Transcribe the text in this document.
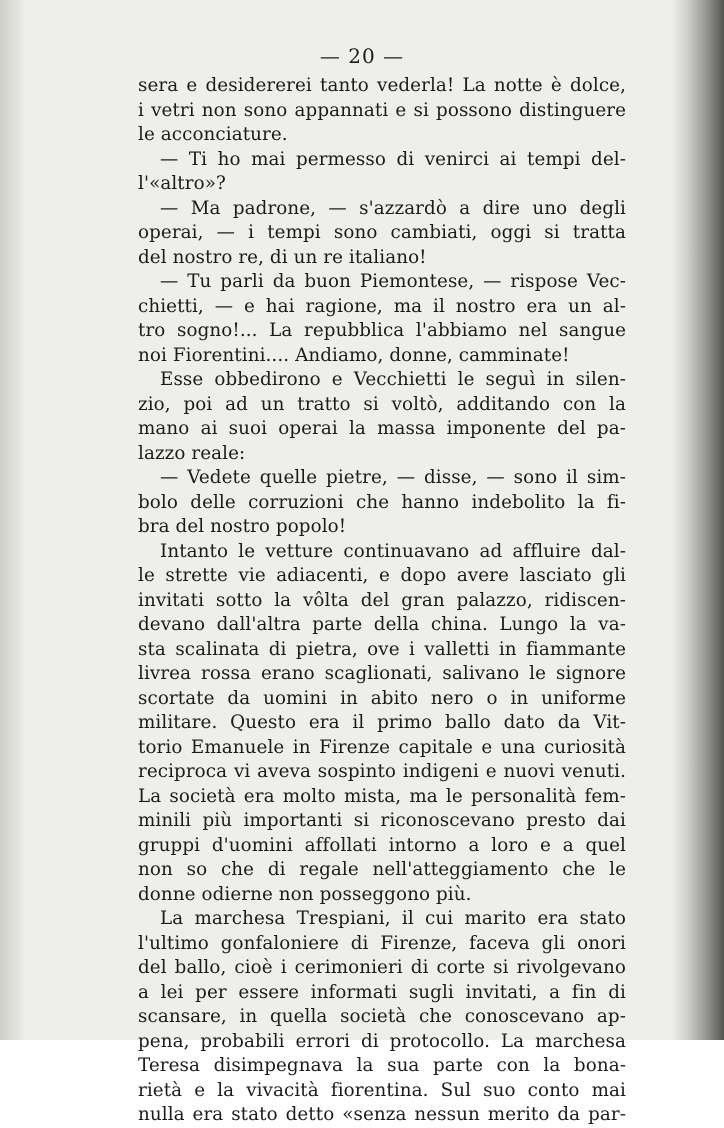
— 20 —
sera e desidererei tanto vederla! La notte è dolce,
i vetri non sono appannati e si possono distinguere
le acconciature.
— Ti ho mai permesso di venirci ai tempi del-
l'«altro»?
— Ma padrone, — s'azzardò a dire uno degli
operai, — i tempi sono cambiati, oggi si tratta
del nostro re, di un re italiano!
— Tu parli da buon Piemontese, — rispose Vec-
chietti, — e hai ragione, ma il nostro era un al-
tro sogno!... La repubblica l'abbiamo nel sangue
noi Fiorentini.... Andiamo, donne, camminate!
Esse obbedirono e Vecchietti le seguì in silen-
zio, poi ad un tratto si voltò, additando con la
mano ai suoi operai la massa imponente del pa-
lazzo reale:
— Vedete quelle pietre, — disse, — sono il sim-
bolo delle corruzioni che hanno indebolito la fi-
bra del nostro popolo!
Intanto le vetture continuavano ad affluire dal-
le strette vie adiacenti, e dopo avere lasciato gli
invitati sotto la vôlta del gran palazzo, ridiscen-
devano dall'altra parte della china. Lungo la va-
sta scalinata di pietra, ove i valletti in fiammante
livrea rossa erano scaglionati, salivano le signore
scortate da uomini in abito nero o in uniforme
militare. Questo era il primo ballo dato da Vit-
torio Emanuele in Firenze capitale e una curiosità
reciproca vi aveva sospinto indigeni e nuovi venuti.
La società era molto mista, ma le personalità fem-
minili più importanti si riconoscevano presto dai
gruppi d'uomini affollati intorno a loro e a quel
non so che di regale nell'atteggiamento che le
donne odierne non posseggono più.
La marchesa Trespiani, il cui marito era stato
l'ultimo gonfaloniere di Firenze, faceva gli onori
del ballo, cioè i cerimonieri di corte si rivolgevano
a lei per essere informati sugli invitati, a fin di
scansare, in quella società che conoscevano ap-
pena, probabili errori di protocollo. La marchesa
Teresa disimpegnava la sua parte con la bona-
rietà e la vivacità fiorentina. Sul suo conto mai
nulla era stato detto «senza nessun merito da par-
